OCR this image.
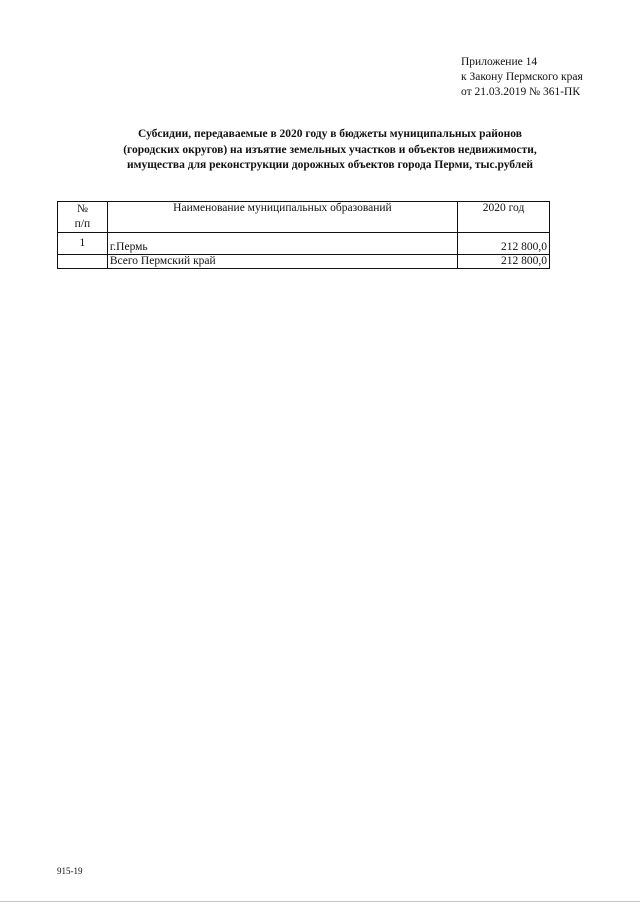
Приложение 14
к Закону Пермского края
от 21.03.2019 № 361-ПК
Субсидии, передаваемые в 2020 году в бюджеты муниципальных районов
(городских округов) на изъятие земельных участков и объектов недвижимости,
имущества для реконструкции дорожных объектов города Перми, тыс.рублей
№
п/п	Наименование муниципальных образований	2020 год
1	г.Пермь	212 800,0
	Всего Пермский край	212 800,0
915-19
